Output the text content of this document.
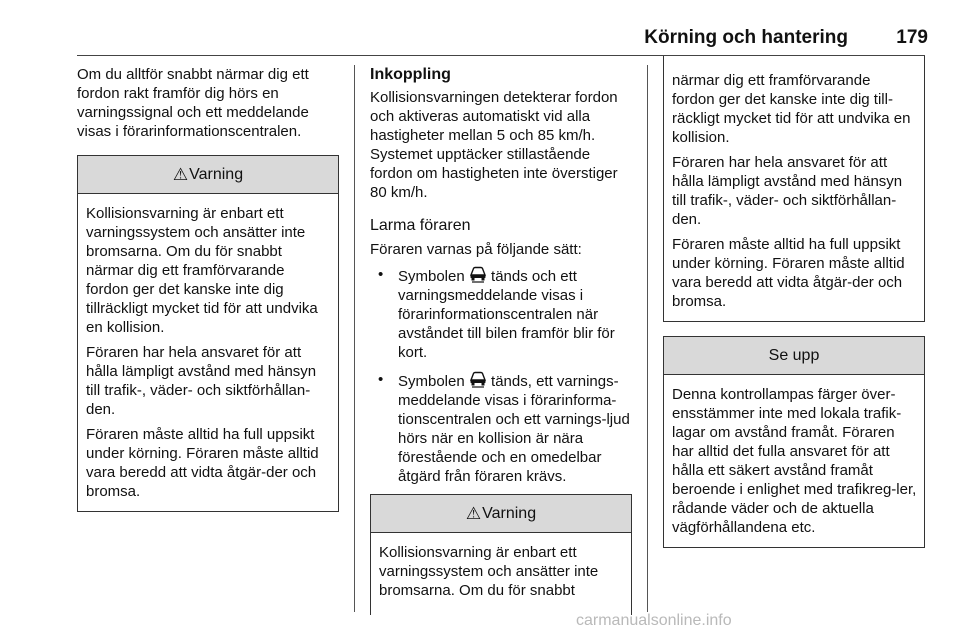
Körning och hantering	179

Om du alltför snabbt närmar dig ett fordon rakt framför dig hörs en varningssignal och ett meddelande visas i förarinformationscentralen.

⚠ Varning

Kollisionsvarning är enbart ett varningssystem och ansätter inte bromsarna. Om du för snabbt närmar dig ett framförvarande fordon ger det kanske inte dig tillräckligt mycket tid för att undvika en kollision.

Föraren har hela ansvaret för att hålla lämpligt avstånd med hänsyn till trafik-, väder- och siktförhållan-den.

Föraren måste alltid ha full uppsikt under körning. Föraren måste alltid vara beredd att vidta åtgär-der och bromsa.

Inkoppling

Kollisionsvarningen detekterar fordon och aktiveras automatiskt vid alla hastigheter mellan 5 och 85 km/h. Systemet upptäcker stillastående fordon om hastigheten inte överstiger 80 km/h.

Larma föraren

Föraren varnas på följande sätt:

• Symbolen tänds och ett varningsmeddelande visas i förarinformationscentralen när avståndet till bilen framför blir för kort.
• Symbolen tänds, ett varnings-meddelande visas i förarinforma-tionscentralen och ett varnings-ljud hörs när en kollision är nära förestående och en omedelbar åtgärd från föraren krävs.
⚠ Varning

Kollisionsvarning är enbart ett varningssystem och ansätter inte bromsarna. Om du för snabbt

närmar dig ett framförvarande fordon ger det kanske inte dig till-räckligt mycket tid för att undvika en kollision.

Föraren har hela ansvaret för att hålla lämpligt avstånd med hänsyn till trafik-, väder- och siktförhållan-den.

Föraren måste alltid ha full uppsikt under körning. Föraren måste alltid vara beredd att vidta åtgär-der och bromsa.

Se upp

Denna kontrollampas färger över-ensstämmer inte med lokala trafik-lagar om avstånd framåt. Föraren har alltid det fulla ansvaret för att hålla ett säkert avstånd framåt beroende i enlighet med trafikreg-ler, rådande väder och de aktuella vägförhållandena etc.

carmanualsonline.info
